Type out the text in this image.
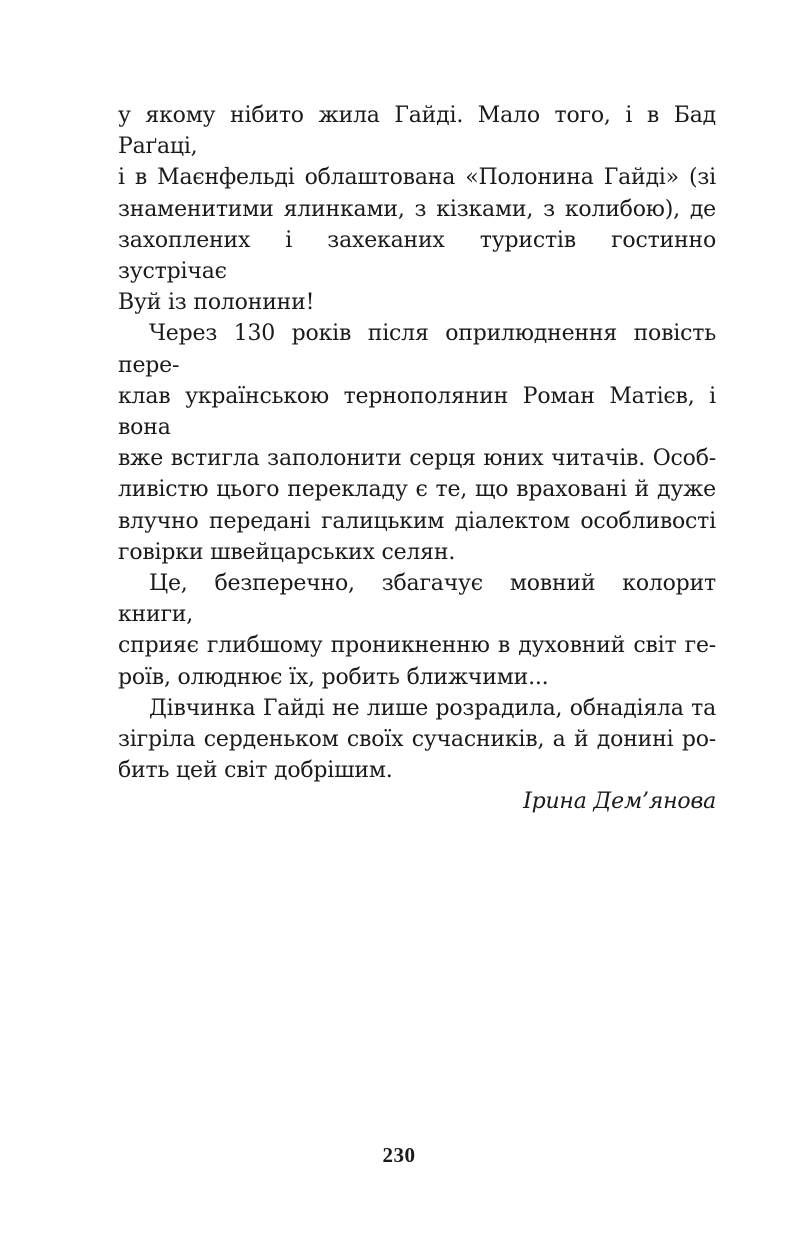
у якому нібито жила Гайді. Мало того, і в Бад Раґаці,
і в Маєнфельді облаштована «Полонина Гайді» (зі
знаменитими ялинками, з кізками, з колибою), де
захоплених і захеканих туристів гостинно зустрічає
Вуй із полонини!

Через 130 років після оприлюднення повість пере-
клав українською тернополянин Роман Матієв, і вона
вже встигла заполонити серця юних читачів. Особ-
ливістю цього перекладу є те, що враховані й дуже
влучно передані галицьким діалектом особливості
говірки швейцарських селян.

Це, безперечно, збагачує мовний колорит книги,
сприяє глибшому проникненню в духовний світ ге-
роїв, олюднює їх, робить ближчими...

Дівчинка Гайді не лише розрадила, обнадіяла та
зігріла серденьком своїх сучасників, а й донині ро-
бить цей світ добрішим.

Ірина Дем’янова

230
